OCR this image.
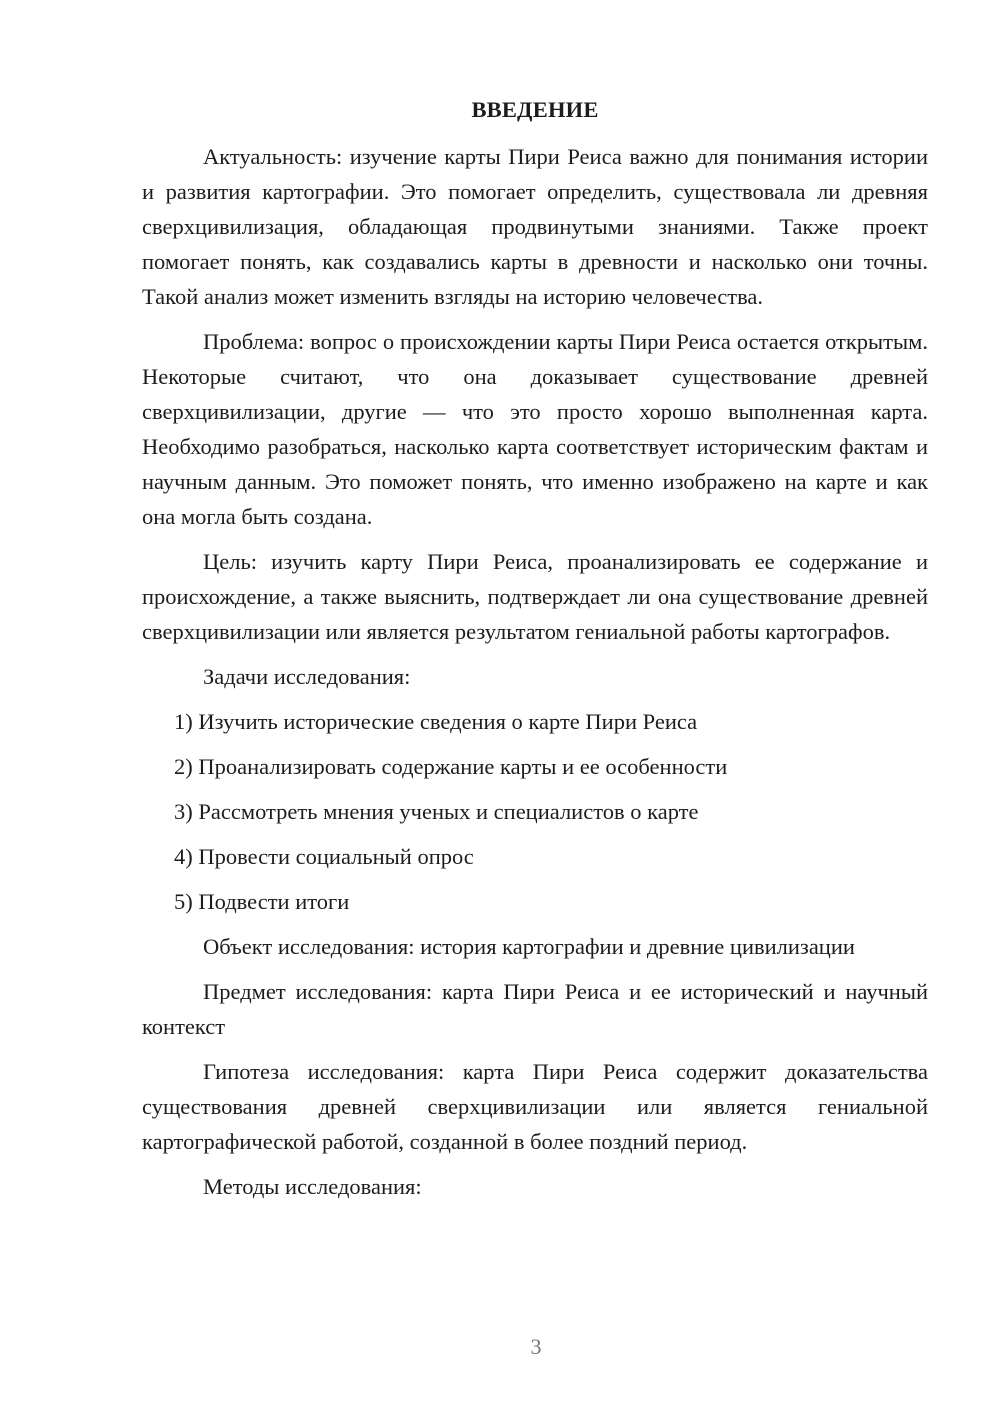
ВВЕДЕНИЕ

Актуальность: изучение карты Пири Реиса важно для понимания истории и развития картографии. Это помогает определить, существовала ли древняя сверхцивилизация, обладающая продвинутыми знаниями. Также проект помогает понять, как создавались карты в древности и насколько они точны. Такой анализ может изменить взгляды на историю человечества.

Проблема: вопрос о происхождении карты Пири Реиса остается открытым. Некоторые считают, что она доказывает существование древней сверхцивилизации, другие — что это просто хорошо выполненная карта. Необходимо разобраться, насколько карта соответствует историческим фактам и научным данным. Это поможет понять, что именно изображено на карте и как она могла быть создана.

Цель: изучить карту Пири Реиса, проанализировать ее содержание и происхождение, а также выяснить, подтверждает ли она существование древней сверхцивилизации или является результатом гениальной работы картографов.

Задачи исследования:

1) Изучить исторические сведения о карте Пири Реиса
2) Проанализировать содержание карты и ее особенности
3) Рассмотреть мнения ученых и специалистов о карте
4) Провести социальный опрос
5) Подвести итоги

Объект исследования: история картографии и древние цивилизации

Предмет исследования: карта Пири Реиса и ее исторический и научный контекст

Гипотеза исследования: карта Пири Реиса содержит доказательства существования древней сверхцивилизации или является гениальной картографической работой, созданной в более поздний период.

Методы исследования:

3
